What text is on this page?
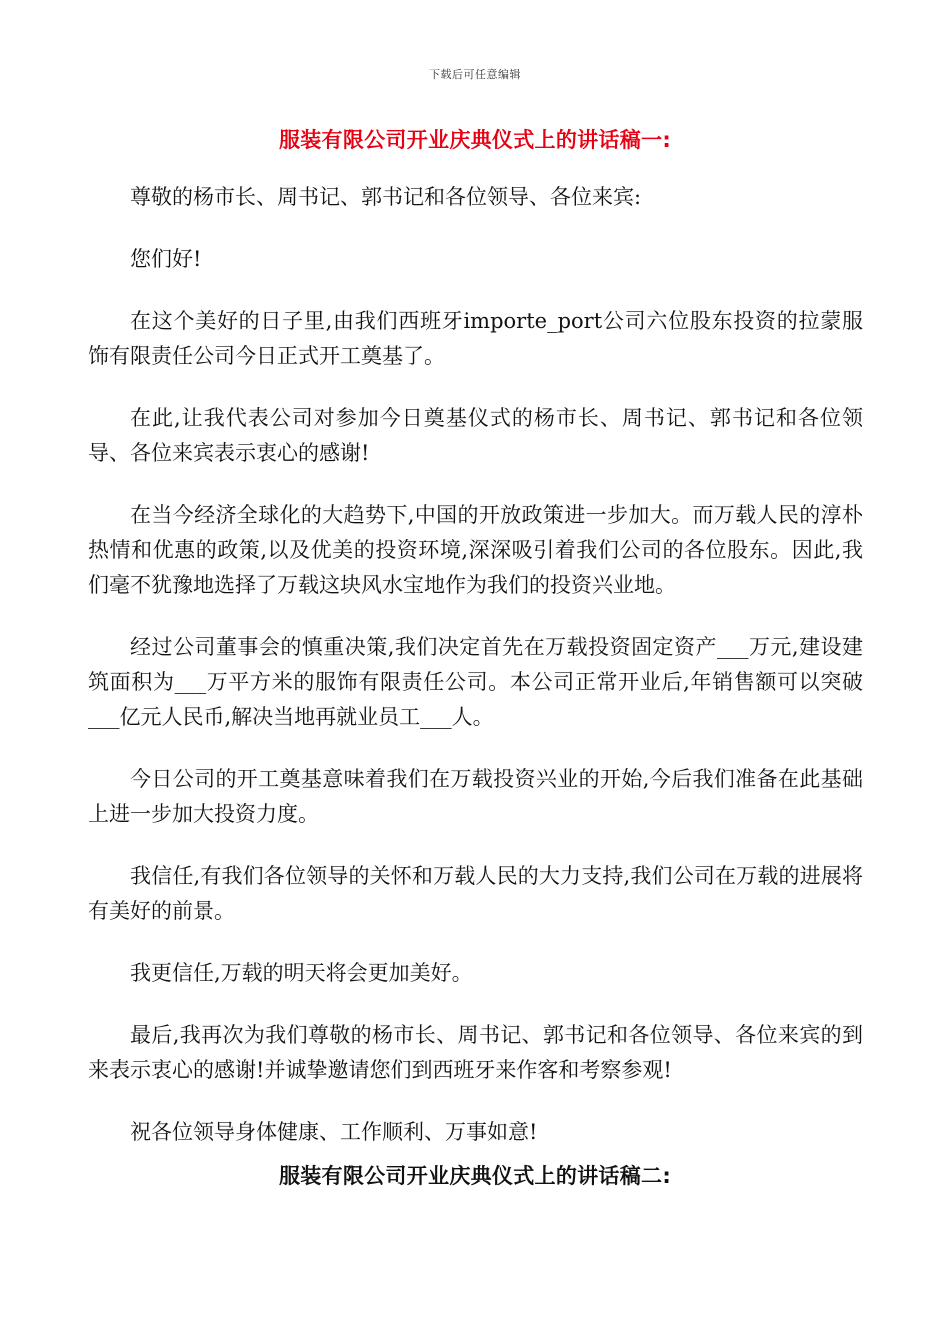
下载后可任意编辑
服装有限公司开业庆典仪式上的讲话稿一:

尊敬的杨市长、周书记、郭书记和各位领导、各位来宾:

您们好!

在这个美好的日子里,由我们西班牙importe_port公司六位股东投资的拉蒙服饰有限责任公司今日正式开工奠基了。

在此,让我代表公司对参加今日奠基仪式的杨市长、周书记、郭书记和各位领导、各位来宾表示衷心的感谢!

在当今经济全球化的大趋势下,中国的开放政策进一步加大。而万载人民的淳朴热情和优惠的政策,以及优美的投资环境,深深吸引着我们公司的各位股东。因此,我们毫不犹豫地选择了万载这块风水宝地作为我们的投资兴业地。

经过公司董事会的慎重决策,我们决定首先在万载投资固定资产___万元,建设建筑面积为___万平方米的服饰有限责任公司。本公司正常开业后,年销售额可以突破___亿元人民币,解决当地再就业员工___人。

今日公司的开工奠基意味着我们在万载投资兴业的开始,今后我们准备在此基础上进一步加大投资力度。

我信任,有我们各位领导的关怀和万载人民的大力支持,我们公司在万载的进展将有美好的前景。

我更信任,万载的明天将会更加美好。

最后,我再次为我们尊敬的杨市长、周书记、郭书记和各位领导、各位来宾的到来表示衷心的感谢!并诚挚邀请您们到西班牙来作客和考察参观!

祝各位领导身体健康、工作顺利、万事如意!

服装有限公司开业庆典仪式上的讲话稿二:
